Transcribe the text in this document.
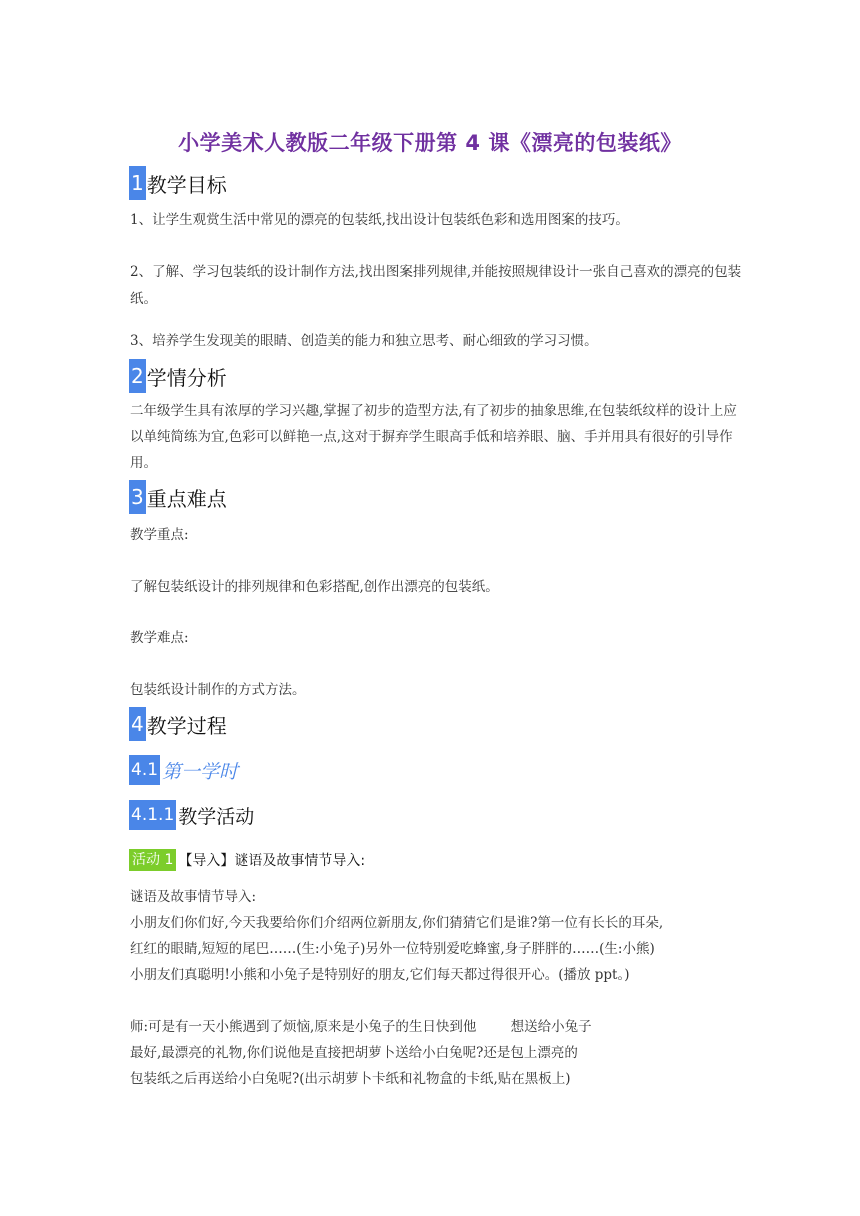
小学美术人教版二年级下册第 4 课《漂亮的包装纸》
1 教学目标

1、让学生观赏生活中常见的漂亮的包装纸,找出设计包装纸色彩和选用图案的技巧。

2、了解、学习包装纸的设计制作方法,找出图案排列规律,并能按照规律设计一张自己喜欢的漂亮的包装纸。

3、培养学生发现美的眼睛、创造美的能力和独立思考、耐心细致的学习习惯。

2 学情分析

二年级学生具有浓厚的学习兴趣,掌握了初步的造型方法,有了初步的抽象思维,在包装纸纹样的设计上应以单纯简练为宜,色彩可以鲜艳一点,这对于摒弃学生眼高手低和培养眼、脑、手并用具有很好的引导作用。

3 重点难点
教学重点:
了解包装纸设计的排列规律和色彩搭配,创作出漂亮的包装纸。
教学难点:
包装纸设计制作的方式方法。
4 教学过程
4.1 第一学时
4.1.1 教学活动
活动 1 【导入】谜语及故事情节导入:
谜语及故事情节导入:
小朋友们你们好,今天我要给你们介绍两位新朋友,你们猜猜它们是谁?第一位有长长的耳朵,
红红的眼睛,短短的尾巴……(生:小兔子)另外一位特别爱吃蜂蜜,身子胖胖的……(生:小熊)
小朋友们真聪明!小熊和小兔子是特别好的朋友,它们每天都过得很开心。(播放 ppt。)
师:可是有一天小熊遇到了烦恼,原来是小兔子的生日快到他        想送给小兔子
最好,最漂亮的礼物,你们说他是直接把胡萝卜送给小白兔呢?还是包上漂亮的
包装纸之后再送给小白兔呢?(出示胡萝卜卡纸和礼物盒的卡纸,贴在黑板上)
